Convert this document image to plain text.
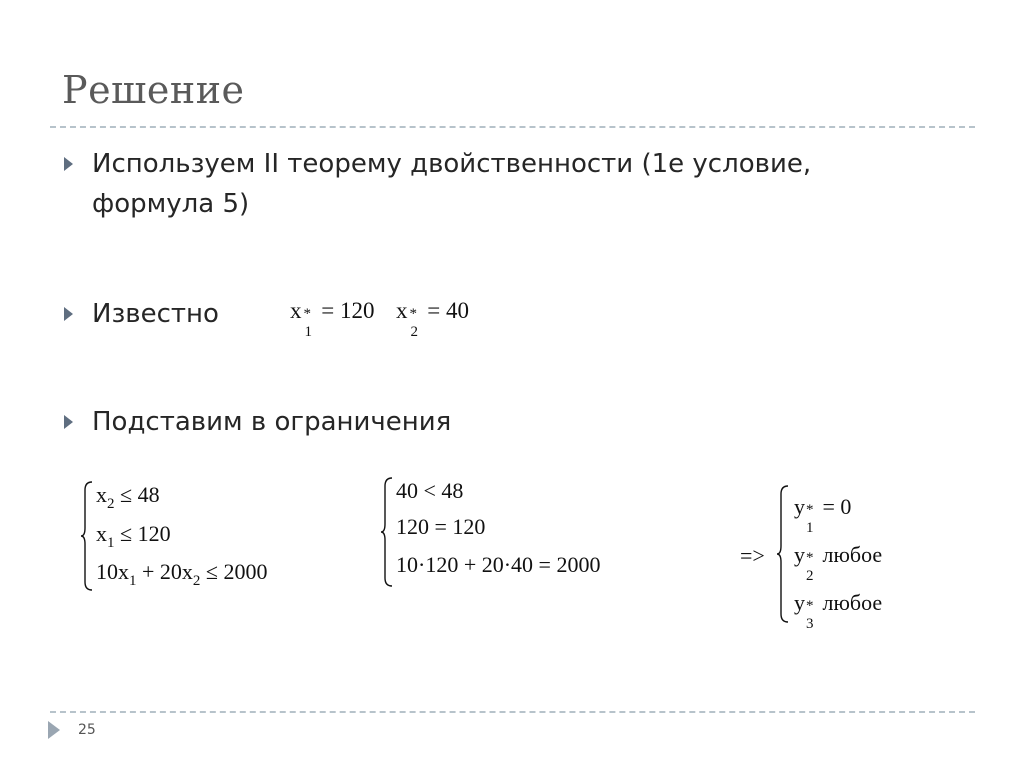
Решение
Используем II теорему двойственности (1е условие,
формула 5)
Известно	x *
1
= 120 x *
2
= 40
Подставим в ограничения
$x_2 \le 48$
$x_1 \le 120$
$10x_1 + 20x_2 \le 2000$
40 < 48
120 = 120
10·120 + 20·40 = 2000	=>
y *
1
= 0
y *
2
любое
y *
3
любое
25
